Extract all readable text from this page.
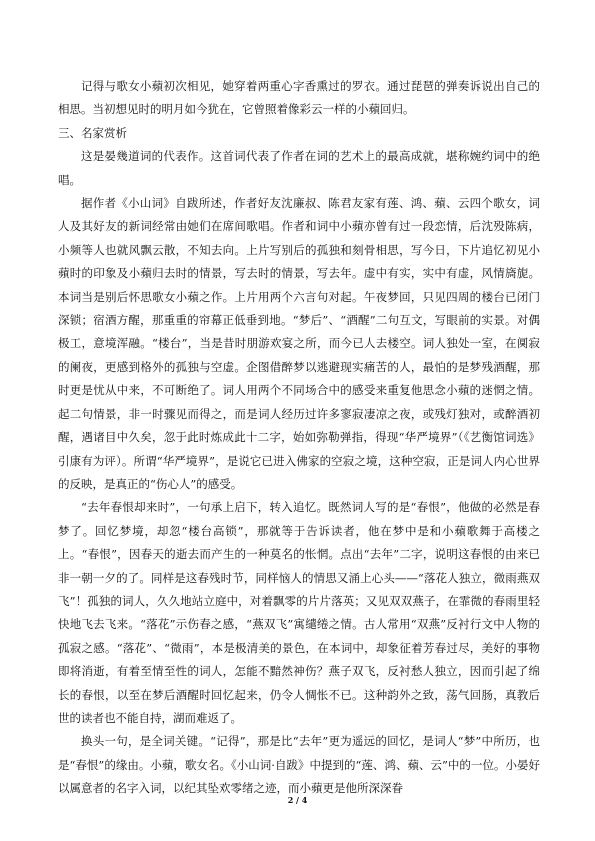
记得与歌女小蘋初次相见，她穿着两重心字香熏过的罗衣。通过琵琶的弹奏诉说出自己的相思。当初想见时的明月如今犹在，它曾照着像彩云一样的小蘋回归。

三、名家赏析

这是晏幾道词的代表作。这首词代表了作者在词的艺术上的最高成就，堪称婉约词中的绝唱。

据作者《小山词》自跋所述，作者好友沈廉叔、陈君友家有莲、鸿、蘋、云四个歌女，词人及其好友的新词经常由她们在席间歌唱。作者和词中小蘋亦曾有过一段恋情，后沈殁陈病，小频等人也就风飘云散，不知去向。上片写别后的孤独和刻骨相思，写今日，下片追忆初见小蘋时的印象及小蘋归去时的情景，写去时的情景，写去年。虚中有实，实中有虚，风情旖旎。本词当是别后怀思歌女小蘋之作。上片用两个六言句对起。午夜梦回，只见四周的楼台已闭门深锁；宿酒方醒，那重重的帘幕正低垂到地。“梦后”、“酒醒”二句互文，写眼前的实景。对偶极工，意境浑融。“楼台”，当是昔时朋游欢宴之所，而今已人去楼空。词人独处一室，在阒寂的阑夜，更感到格外的孤独与空虚。企图借醉梦以逃避现实痛苦的人，最怕的是梦残酒醒，那时更是忧从中来，不可断绝了。词人用两个不同场合中的感受来重复他思念小蘋的迷惘之情。起二句情景，非一时骤见而得之，而是词人经历过许多寥寂凄凉之夜，或残灯独对，或醉酒初醒，遇诸目中久矣，忽于此时炼成此十二字，始如弥勒弹指，得现“华严境界”（《艺衡馆词选》引康有为评）。所谓“华严境界”，是说它已进入佛家的空寂之境，这种空寂，正是词人内心世界的反映，是真正的“伤心人”的感受。

“去年春恨却来时”，一句承上启下，转入追忆。既然词人写的是“春恨”，他做的必然是春梦了。回忆梦境，却忽“楼台高锁”，那就等于告诉读者，他在梦中是和小蘋歌舞于高楼之上。“春恨”，因春天的逝去而产生的一种莫名的怅惘。点出“去年”二字，说明这春恨的由来已非一朝一夕的了。同样是这春残时节，同样恼人的情思又涌上心头——“落花人独立，微雨燕双飞”！孤独的词人，久久地站立庭中，对着飘零的片片落英；又见双双燕子，在霏微的春雨里轻快地飞去飞来。“落花”示伤春之感，“燕双飞”寓缱绻之情。古人常用“双燕”反衬行文中人物的孤寂之感。“落花”、“微雨”，本是极清美的景色，在本词中，却象征着芳春过尽，美好的事物即将消逝，有着至情至性的词人，怎能不黯然神伤？燕子双飞，反衬愁人独立，因而引起了绵长的春恨，以至在梦后酒醒时回忆起来，仍令人惆怅不已。这种韵外之致，荡气回肠，真教后世的读者也不能自持，湖而难返了。

换头一句，是全词关键。“记得”，那是比“去年”更为遥远的回忆，是词人“梦”中所历，也是“春恨”的缘由。小蘋，歌女名。《小山词·自跋》中提到的“莲、鸿、蘋、云”中的一位。小晏好以属意者的名字入词，以纪其坠欢零绪之迹，而小蘋更是他所深深眷

2 / 4
